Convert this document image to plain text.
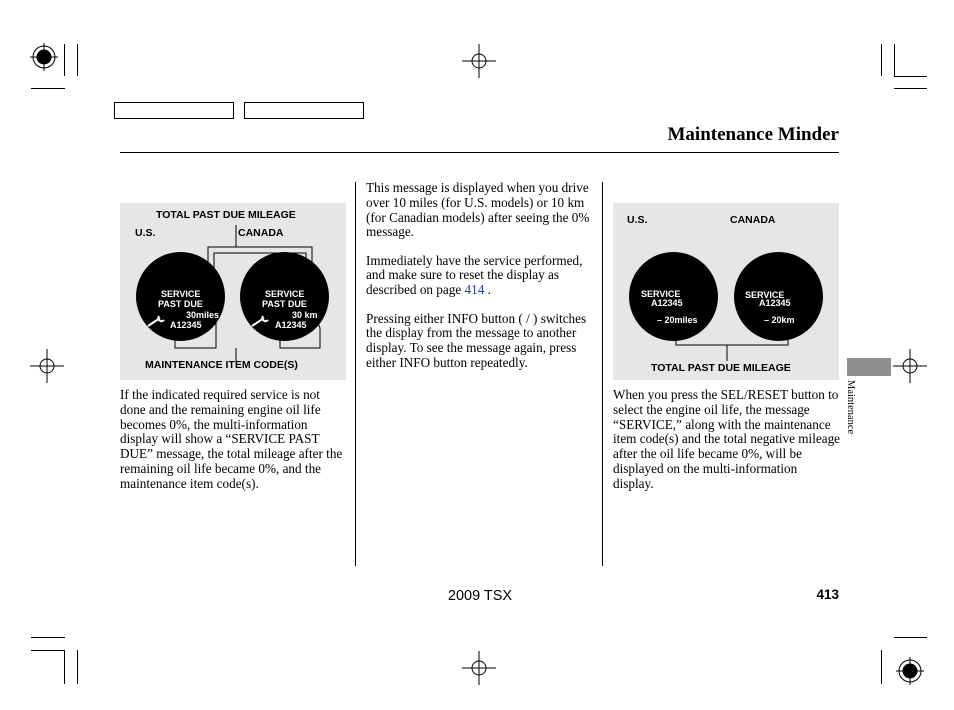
Maintenance Minder
TOTAL PAST DUE MILEAGE
U.S.	CANADA
SERVICE
PAST DUE
30miles
A12345
SERVICE
PAST DUE
30 km
A12345
MAINTENANCE ITEM CODE(S)

If the indicated required service is not done and the remaining engine oil life becomes 0%, the multi-information display will show a “SERVICE PAST DUE” message, the total mileage after the remaining oil life became 0%, and the maintenance item code(s).

This message is displayed when you drive over 10 miles (for U.S. models) or 10 km (for Canadian models) after seeing the 0% message.

Immediately have the service performed, and make sure to reset the display as described on page 414 .

Pressing either INFO button ( / ) switches the display from the message to another display. To see the message again, press either INFO button repeatedly.

U.S.	CANADA
SERVICE
A12345
– 20miles
SERVICE
A12345
– 20km
TOTAL PAST DUE MILEAGE

When you press the SEL/RESET button to select the engine oil life, the message “SERVICE,” along with the maintenance item code(s) and the total negative mileage after the oil life became 0%, will be displayed on the multi-information display.

Maintenance
2009 TSX	413
